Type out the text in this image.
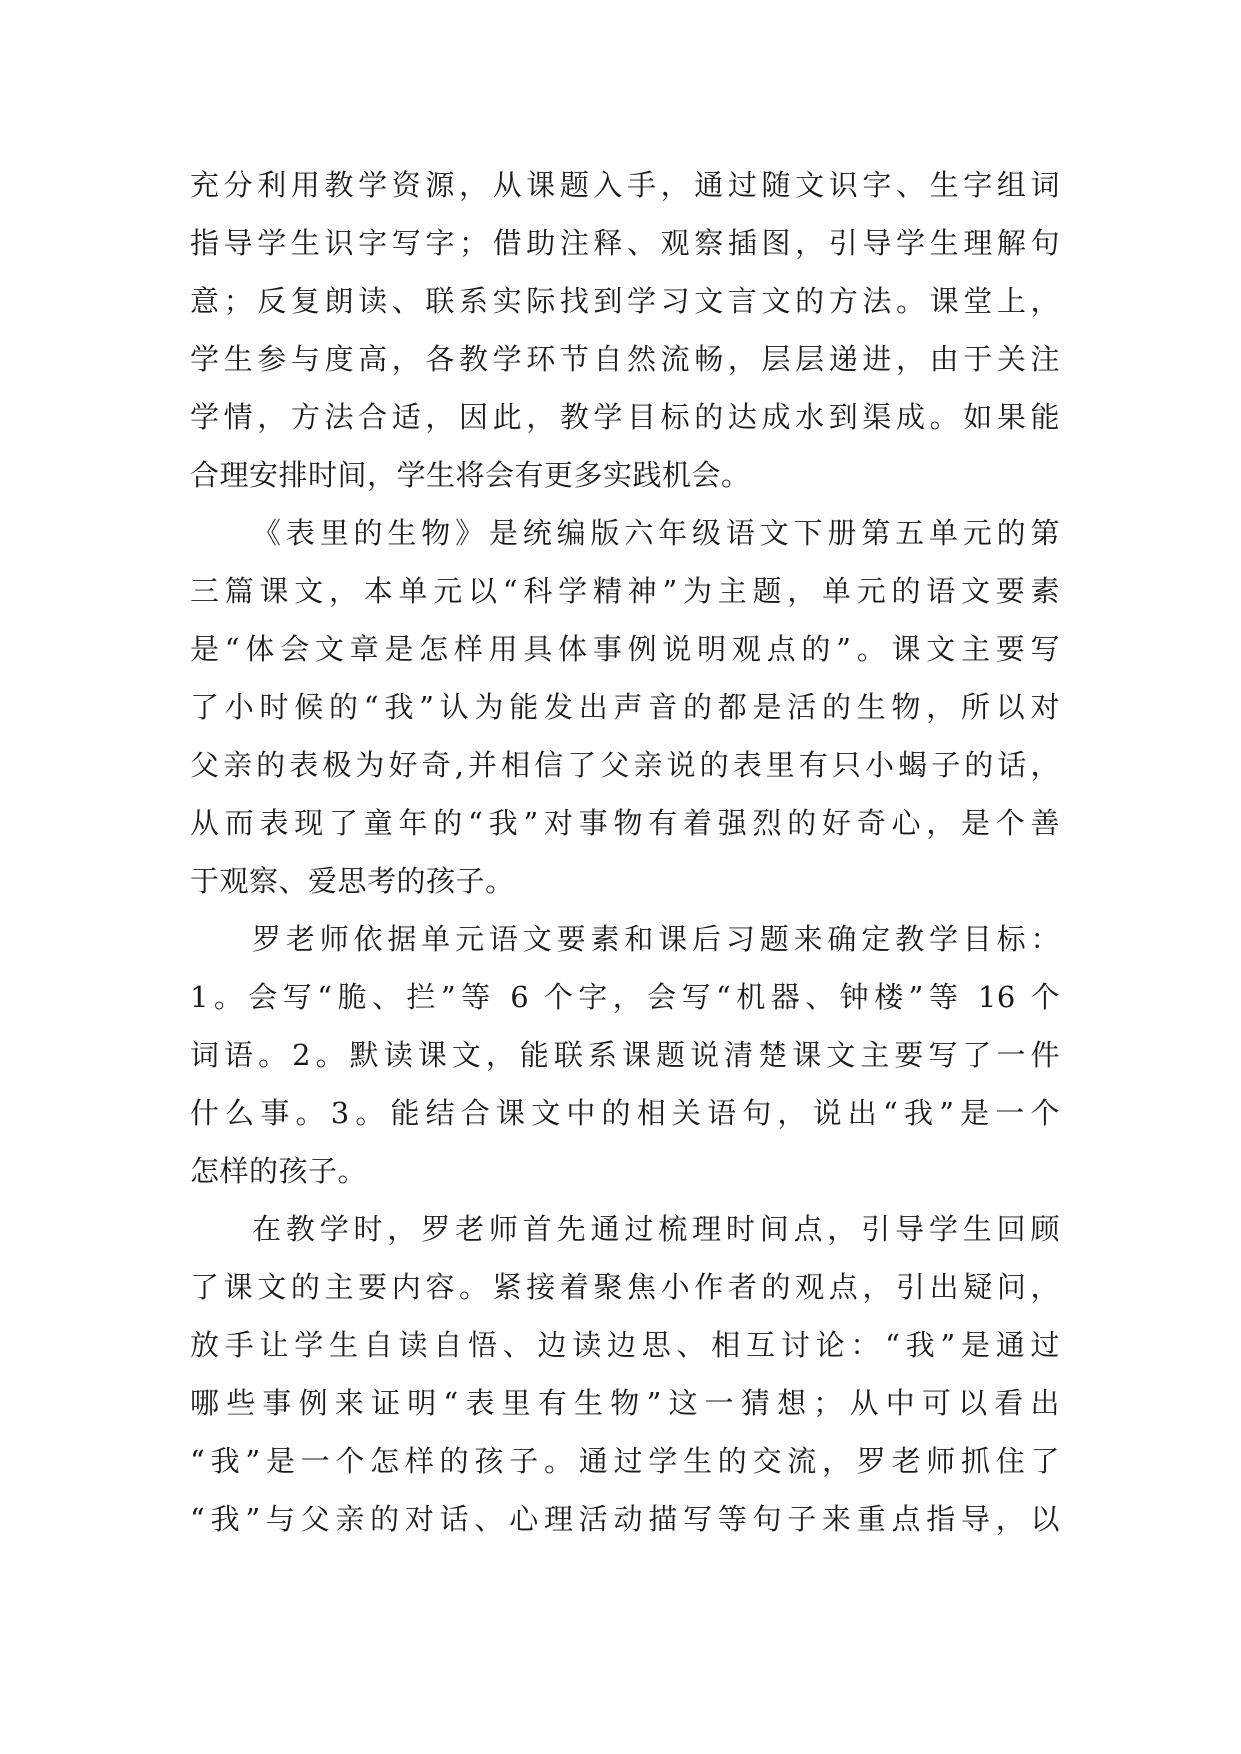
充分利用教学资源，从课题入手，通过随文识字、生字组词
指导学生识字写字；借助注释、观察插图，引导学生理解句
意；反复朗读、联系实际找到学习文言文的方法。课堂上，
学生参与度高，各教学环节自然流畅，层层递进，由于关注
学情，方法合适，因此，教学目标的达成水到渠成。如果能
合理安排时间，学生将会有更多实践机会。
《表里的生物》是统编版六年级语文下册第五单元的第
三篇课文，本单元以“科学精神”为主题，单元的语文要素
是“体会文章是怎样用具体事例说明观点的”。课文主要写
了小时候的“我”认为能发出声音的都是活的生物，所以对
父亲的表极为好奇,并相信了父亲说的表里有只小蝎子的话，
从而表现了童年的“我”对事物有着强烈的好奇心，是个善
于观察、爱思考的孩子。
罗老师依据单元语文要素和课后习题来确定教学目标：
1。会写“脆、拦”等 6 个字，会写“机器、钟楼”等 16 个
词语。2。默读课文，能联系课题说清楚课文主要写了一件
什么事。3。能结合课文中的相关语句，说出“我”是一个
怎样的孩子。
在教学时，罗老师首先通过梳理时间点，引导学生回顾
了课文的主要内容。紧接着聚焦小作者的观点，引出疑问，
放手让学生自读自悟、边读边思、相互讨论：“我”是通过
哪些事例来证明“表里有生物”这一猜想；从中可以看出
“我”是一个怎样的孩子。通过学生的交流，罗老师抓住了
“我”与父亲的对话、心理活动描写等句子来重点指导，以
